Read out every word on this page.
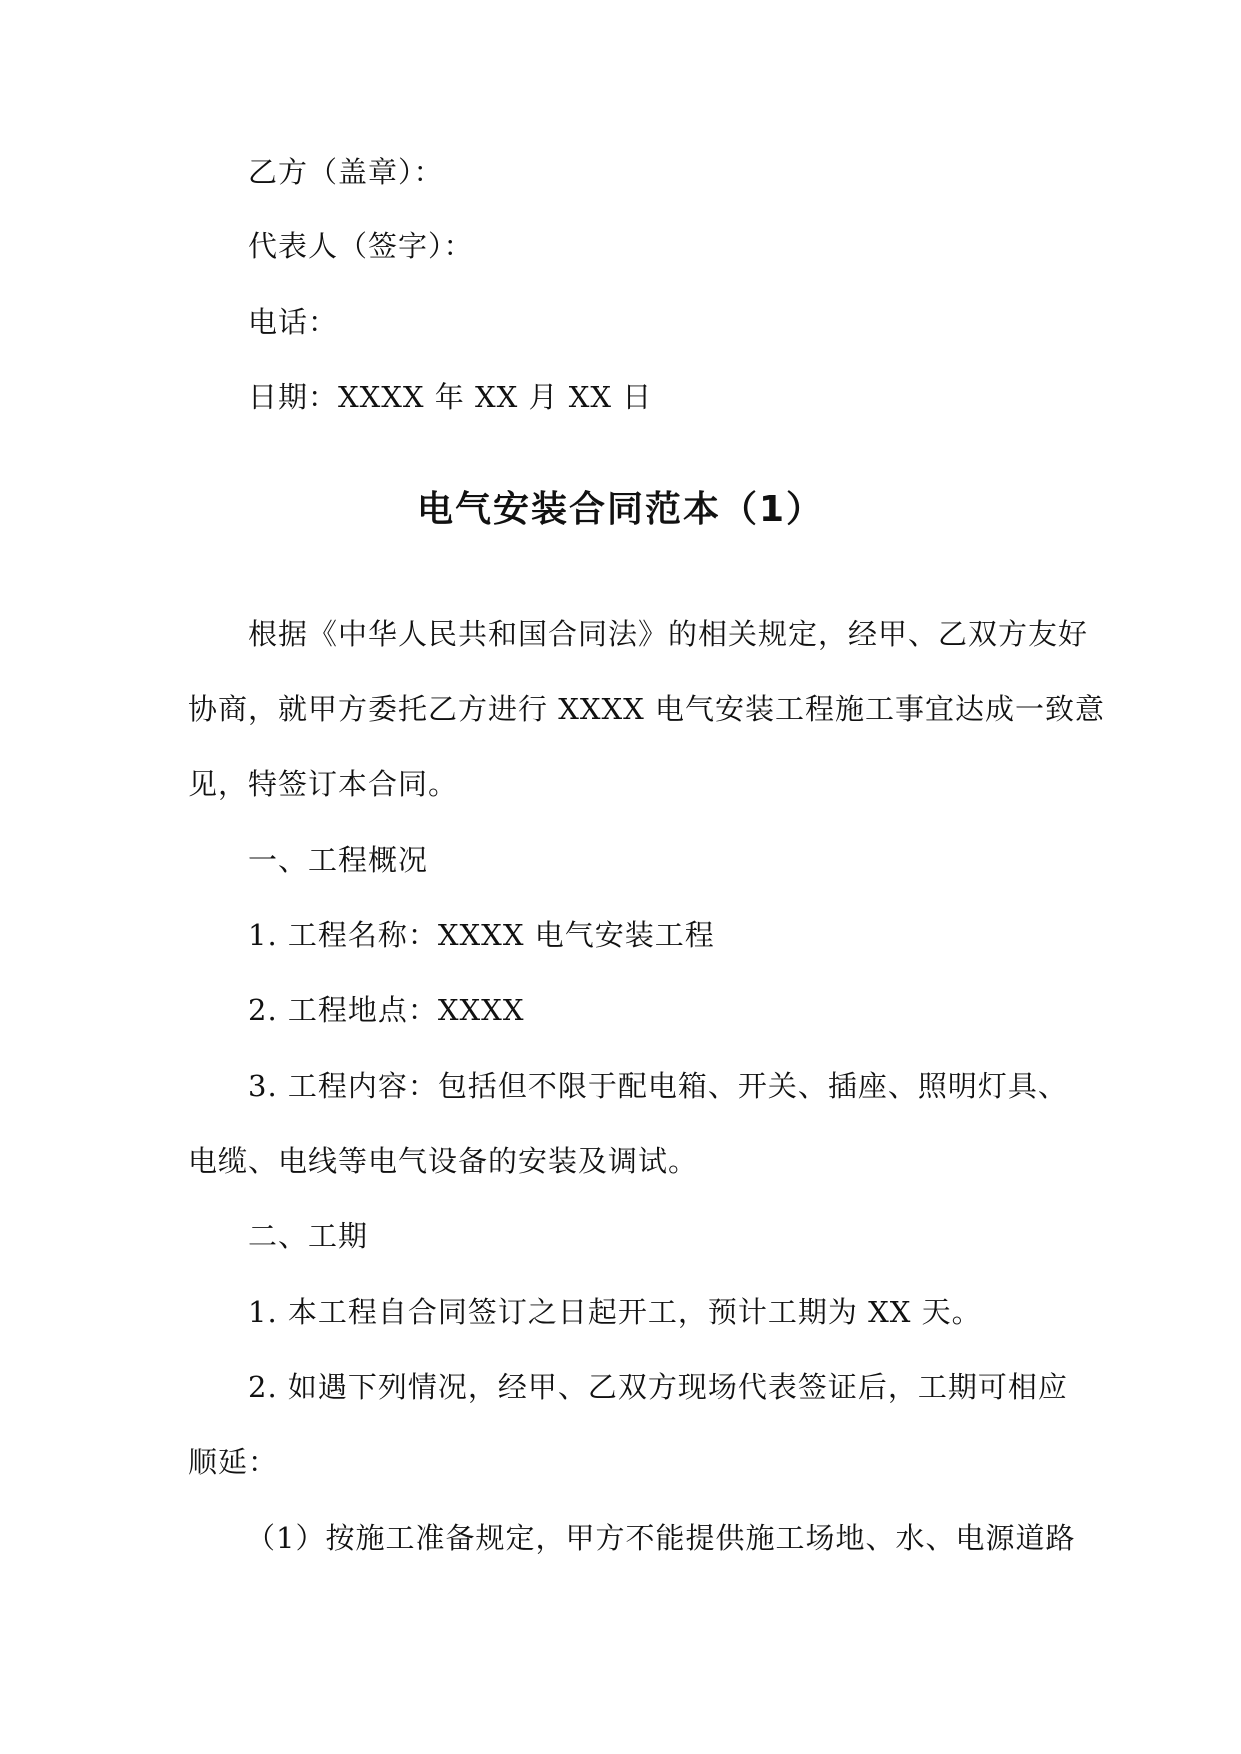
乙方（盖章）：
代表人（签字）：
电话：
日期：XXXX 年 XX 月 XX 日
电气安装合同范本（1）
根据《中华人民共和国合同法》的相关规定，经甲、乙双方友好
协商，就甲方委托乙方进行 XXXX 电气安装工程施工事宜达成一致意
见，特签订本合同。
一、工程概况
1. 工程名称：XXXX 电气安装工程
2. 工程地点：XXXX
3. 工程内容：包括但不限于配电箱、开关、插座、照明灯具、
电缆、电线等电气设备的安装及调试。
二、工期
1. 本工程自合同签订之日起开工，预计工期为 XX 天。
2. 如遇下列情况，经甲、乙双方现场代表签证后，工期可相应
顺延：
（1）按施工准备规定，甲方不能提供施工场地、水、电源道路
